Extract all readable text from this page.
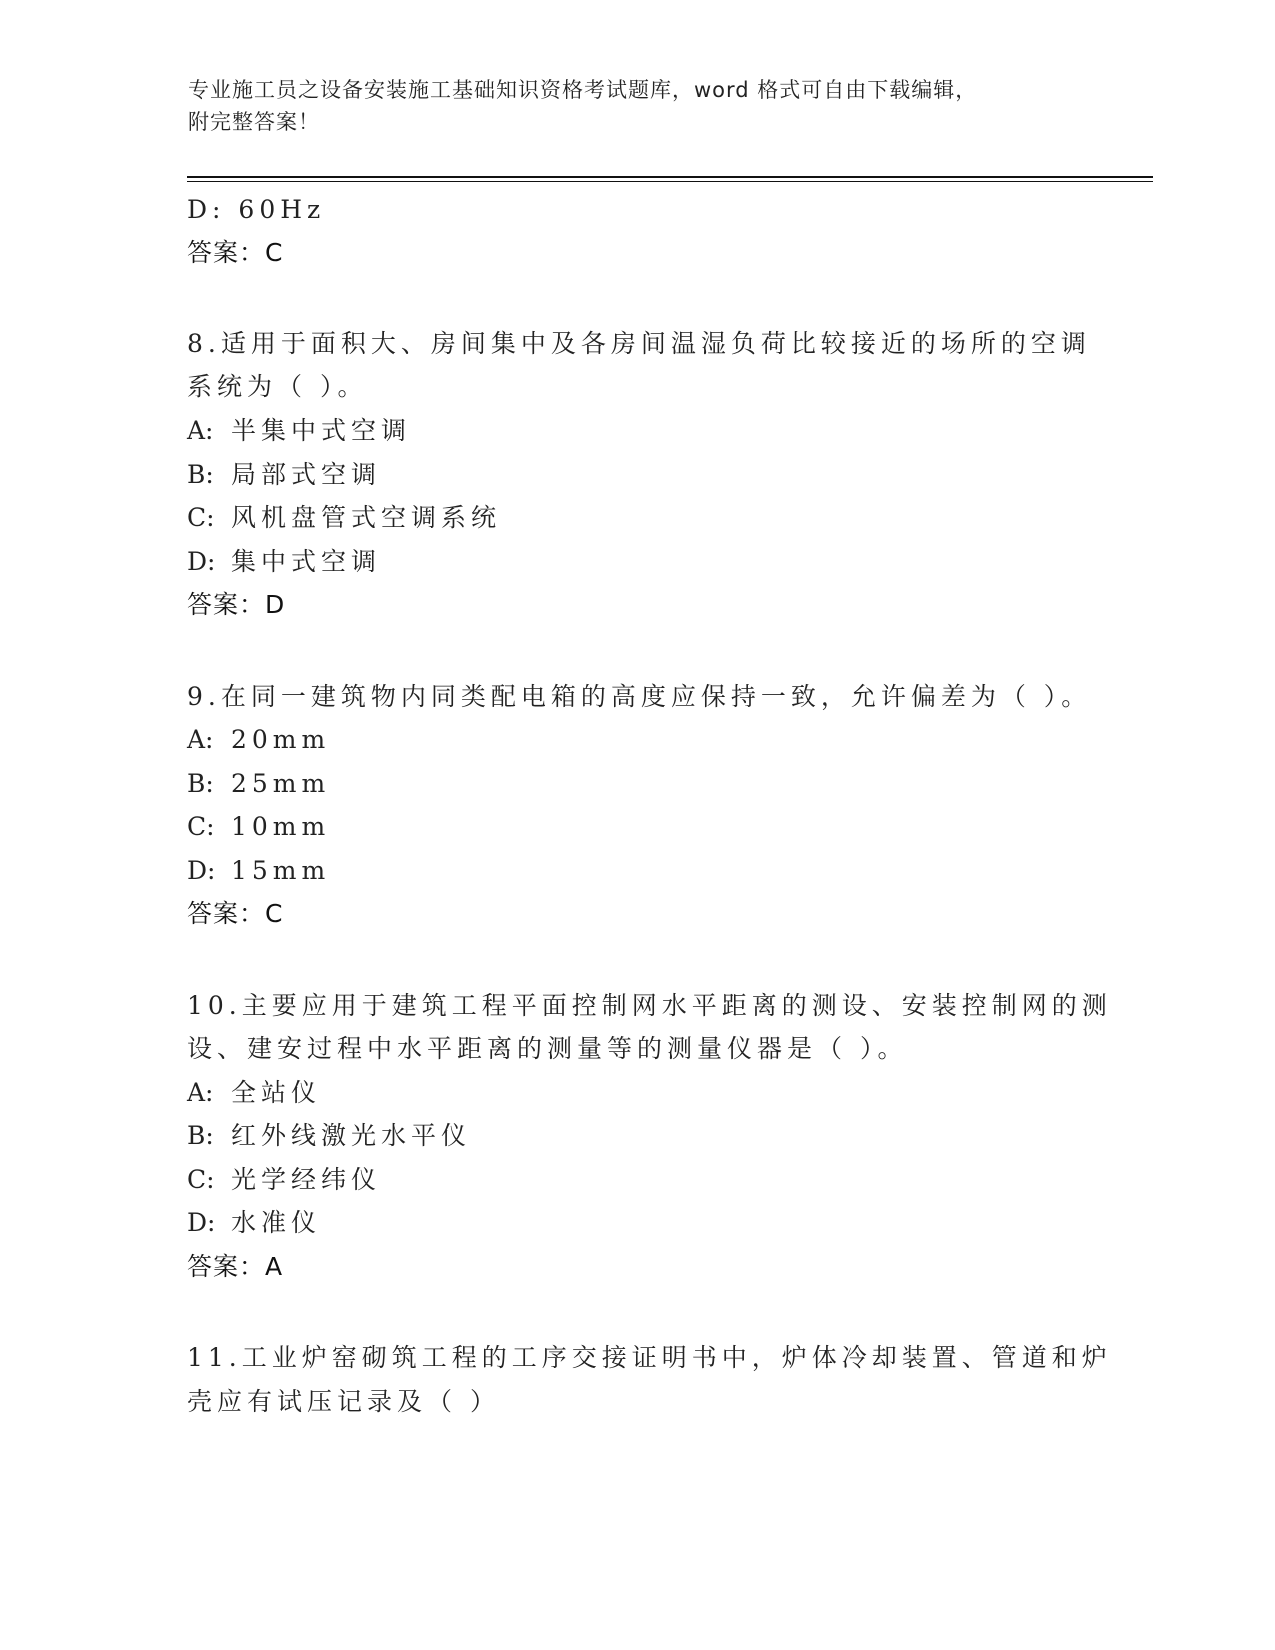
专业施工员之设备安装施工基础知识资格考试题库，word 格式可自由下载编辑，
附完整答案！
D: 60Hz
答案：C
8.适用于面积大、房间集中及各房间温湿负荷比较接近的场所的空调
系统为（ ）。
A: 半集中式空调
B: 局部式空调
C: 风机盘管式空调系统
D: 集中式空调
答案：D
9.在同一建筑物内同类配电箱的高度应保持一致，允许偏差为（ ）。
A: 20mm
B: 25mm
C: 10mm
D: 15mm
答案：C
10.主要应用于建筑工程平面控制网水平距离的测设、安装控制网的测
设、建安过程中水平距离的测量等的测量仪器是（ ）。
A: 全站仪
B: 红外线激光水平仪
C: 光学经纬仪
D: 水准仪
答案：A
11.工业炉窑砌筑工程的工序交接证明书中，炉体冷却装置、管道和炉
壳应有试压记录及（ ）
